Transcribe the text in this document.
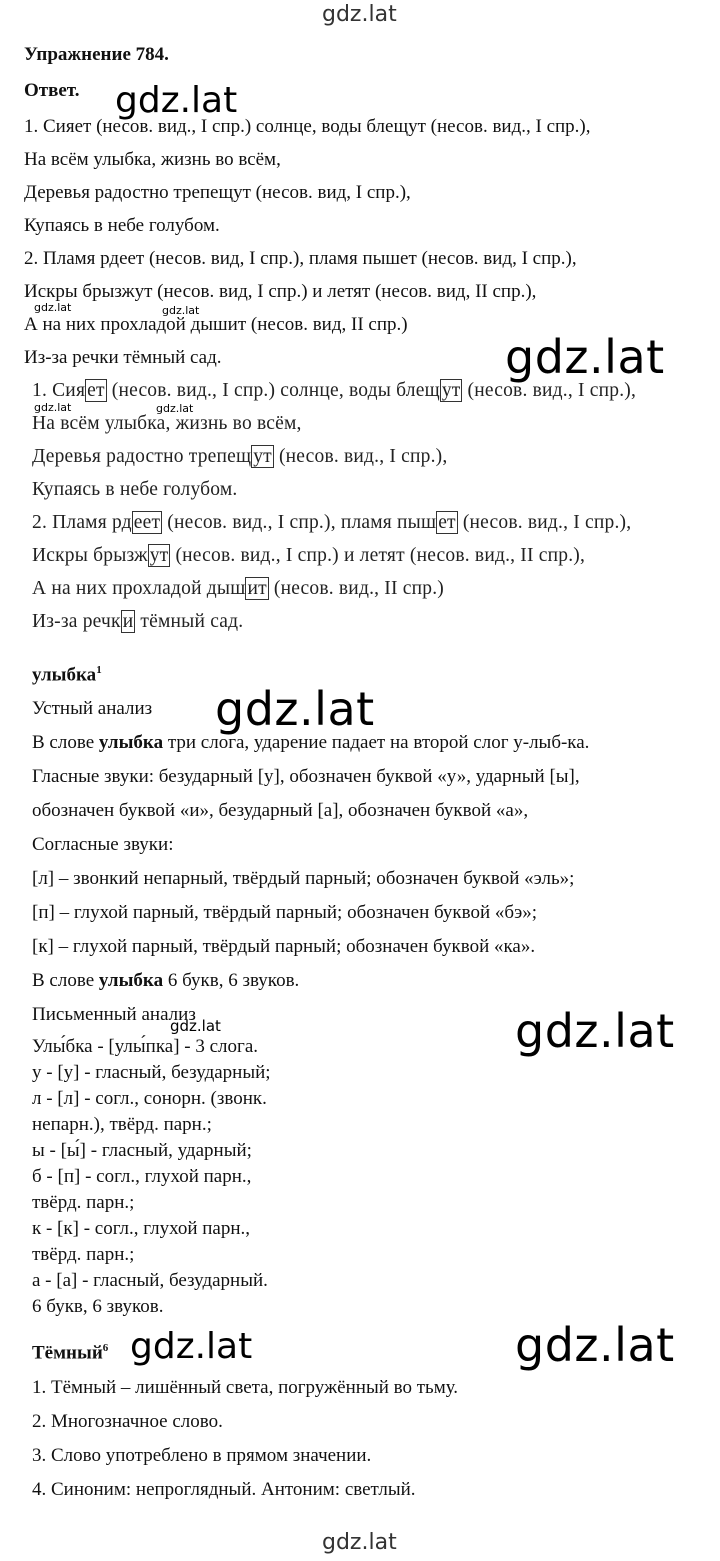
gdz.lat
gdz.lat
Упражнение 784.
Ответ. gdz.lat
1. Сияет (несов. вид., I спр.) солнце, воды блещут (несов. вид., I спр.),
На всём улыбка, жизнь во всём,
Деревья радостно трепещут (несов. вид, I спр.),
Купаясь в небе голубом.
2. Пламя рдеет (несов. вид, I спр.), пламя пышет (несов. вид, I спр.),
Искры брызжут (несов. вид, I спр.) и летят (несов. вид, II спр.),
А на них прохладой дышит (несов. вид, II спр.)
Из-за речки тёмный сад.
gdz.lat	gdz.lat
gdz.lat
1. Сия ет (несов. вид., I спр.) солнце, воды блещ ут (несов. вид., I спр.),
На всём улыбка, жизнь во всём,
Деревья радостно трепещ ут (несов. вид., I спр.),
Купаясь в небе голубом.
2. Пламя рд еет (несов. вид., I спр.), пламя пыш ет (несов. вид., I спр.),
Искры брызж ут (несов. вид., I спр.) и летят (несов. вид., II спр.),
А на них прохладой дыш ит (несов. вид., II спр.)
Из-за речк и тёмный сад.
gdz.lat	gdz.lat
улыбка$^1$
Устный анализ gdz.lat
В слове улыбка три слога, ударение падает на второй слог у-лыб-ка.
Гласные звуки: безударный [у], обозначен буквой «у», ударный [ы],
обозначен буквой «и», безударный [а], обозначен буквой «а»,
Согласные звуки:
[л] – звонкий непарный, твёрдый парный; обозначен буквой «эль»;
[п] – глухой парный, твёрдый парный; обозначен буквой «бэ»;
[к] – глухой парный, твёрдый парный; обозначен буквой «ка».
В слове улыбка 6 букв, 6 звуков.
Письменный анализ
gdz.lat	gdz.lat
Улы́бка - [улы́пка] - 3 слога.
у - [у] - гласный, безударный;
л - [л] - согл., сонорн. (звонк.
непарн.), твёрд. парн.;
ы - [ы́] - гласный, ударный;
б - [п] - согл., глухой парн.,
твёрд. парн.;
к - [к] - согл., глухой парн.,
твёрд. парн.;
а - [а] - гласный, безударный.
6 букв, 6 звуков.
Тёмный$^6$ gdz.lat	gdz.lat
1. Тёмный – лишённый света, погружённый во тьму.
2. Многозначное слово.
3. Слово употреблено в прямом значении.
4. Синоним: непроглядный. Антоним: светлый.
